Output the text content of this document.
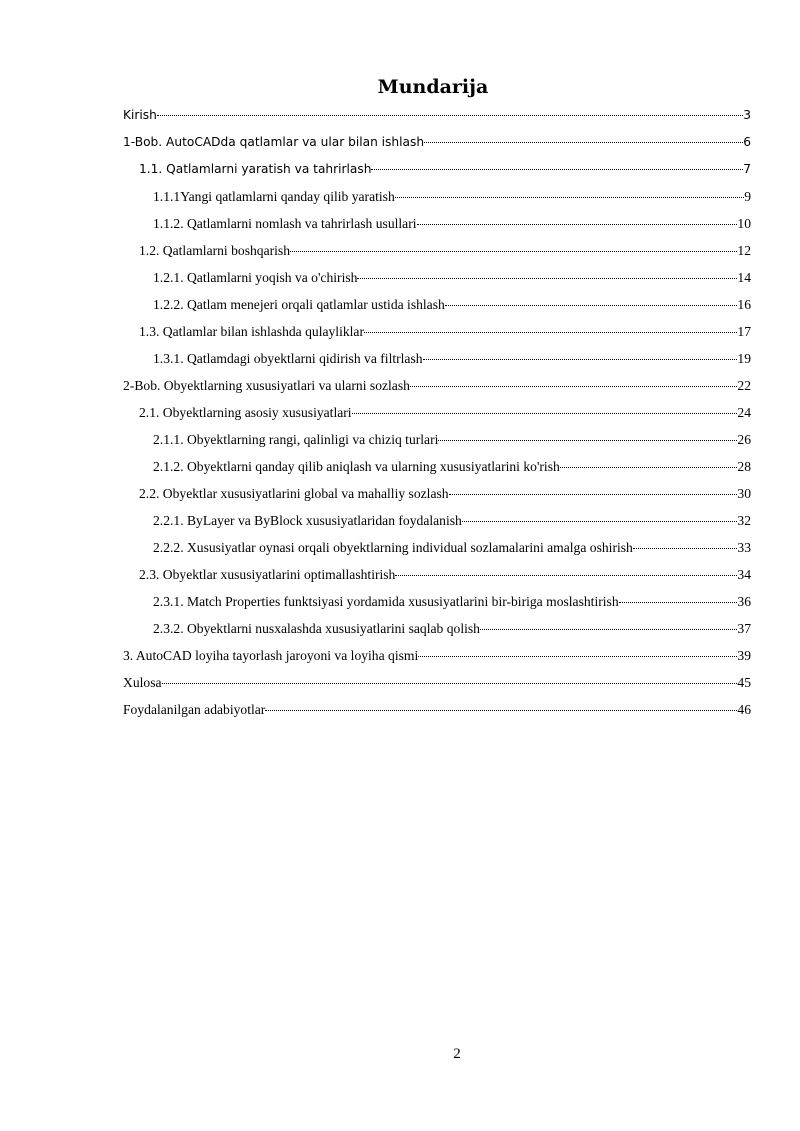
Mundarija
Kirish	3
1-Bob. AutoCADda qatlamlar va ular bilan ishlash	6
1.1. Qatlamlarni yaratish va tahrirlash	7
1.1.1Yangi qatlamlarni qanday qilib yaratish	9
1.1.2. Qatlamlarni nomlash va tahrirlash usullari	10
1.2. Qatlamlarni boshqarish	12
1.2.1. Qatlamlarni yoqish va o'chirish	14
1.2.2. Qatlam menejeri orqali qatlamlar ustida ishlash	16
1.3. Qatlamlar bilan ishlashda qulayliklar	17
1.3.1. Qatlamdagi obyektlarni qidirish va filtrlash	19
2-Bob. Obyektlarning xususiyatlari va ularni sozlash	22
2.1. Obyektlarning asosiy xususiyatlari	24
2.1.1. Obyektlarning rangi, qalinligi va chiziq turlari	26
2.1.2. Obyektlarni qanday qilib aniqlash va ularning xususiyatlarini ko'rish	28
2.2. Obyektlar xususiyatlarini global va mahalliy sozlash	30
2.2.1. ByLayer va ByBlock xususiyatlaridan foydalanish	32
2.2.2. Xususiyatlar oynasi orqali obyektlarning individual sozlamalarini amalga oshirish	33
2.3. Obyektlar xususiyatlarini optimallashtirish	34
2.3.1. Match Properties funktsiyasi yordamida xususiyatlarini bir-biriga moslashtirish	36
2.3.2. Obyektlarni nusxalashda xususiyatlarini saqlab qolish	37
3. AutoCAD loyiha tayorlash jaroyoni va loyiha qismi	39
Xulosa	45
Foydalanilgan adabiyotlar	46
2
